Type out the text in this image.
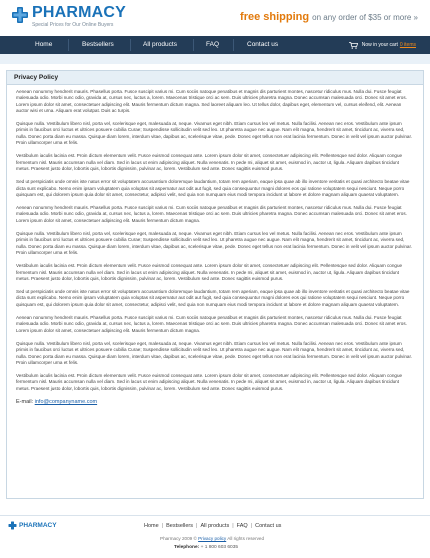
PHARMACY
Special Prices for Our Online Buyers
free shipping on any order of $35 or more »
Home	Bestsellers	All products	FAQ	Contact us	Now in your cart 0 items
Privacy Policy

Aenean nonummy hendrerit mauris. Phasellus porta. Fusce suscipit varius mi. Cum sociis natoque penatibus et magnis dis parturient montes, nascetur ridiculus mus. Nulla dui. Fusce feugiat malesuada odio. Morbi nunc odio, gravida at, cursus nec, luctus a, lorem. Maecenas tristique orci ac sem. Duis ultricies pharetra magna. Donec accumsan malesuada orci. Donec sit amet eros. Lorem ipsum dolor sit amet, consectetuer adipiscing elit. Mauris fermentum dictum magna. Sed laoreet aliquam leo. Ut tellus dolor, dapibus eget, elementum vel, cursus eleifend, elit. Aenean auctor wisi et urna. Aliquam erat volutpat. Duis ac turpis.

Quisque nulla. Vestibulum libero nisl, porta vel, scelerisque eget, malesuada at, neque. Vivamus eget nibh. Etiam cursus leo vel metus. Nulla facilisi. Aenean nec eros. Vestibulum ante ipsum primis in faucibus orci luctus et ultrices posuere cubilia Curae; Suspendisse sollicitudin velit sed leo. Ut pharetra augue nec augue. Nam elit magna, hendrerit sit amet, tincidunt ac, viverra sed, nulla. Donec porta diam eu massa. Quisque diam lorem, interdum vitae, dapibus ac, scelerisque vitae, pede. Donec eget tellus non erat lacinia fermentum. Donec in velit vel ipsum auctor pulvinar. Proin ullamcorper urna et felis.

Vestibulum iaculis lacinia est. Proin dictum elementum velit. Fusce euismod consequat ante. Lorem ipsum dolor sit amet, consectetuer adipiscing elit. Pellentesque sed dolor. Aliquam congue fermentum nisl. Mauris accumsan nulla vel diam. Sed in lacus ut enim adipiscing aliquet. Nulla venenatis. In pede mi, aliquet sit amet, euismod in, auctor ut, ligula. Aliquam dapibus tincidunt metus. Praesent justo dolor, lobortis quis, lobortis dignissim, pulvinar ac, lorem. Vestibulum sed ante. Donec sagittis euismod purus.

Sed ut perspiciatis unde omnis iste natus error sit voluptatem accusantium doloremque laudantium, totam rem aperiam, eaque ipsa quae ab illo inventore veritatis et quasi architecto beatae vitae dicta sunt explicabo. Nemo enim ipsam voluptatem quia voluptas sit aspernatur aut odit aut fugit, sed quia consequuntur magni dolores eos qui ratione voluptatem sequi nesciunt. Neque porro quisquam est, qui dolorem ipsum quia dolor sit amet, consectetur, adipisci velit, sed quia non numquam eius modi tempora incidunt ut labore et dolore magnam aliquam quaerat voluptatem.

Aenean nonummy hendrerit mauris. Phasellus porta. Fusce suscipit varius mi. Cum sociis natoque penatibus et magnis dis parturient montes, nascetur ridiculus mus. Nulla dui. Fusce feugiat malesuada odio. Morbi nunc odio, gravida at, cursus nec, luctus a, lorem. Maecenas tristique orci ac sem. Duis ultricies pharetra magna. Donec accumsan malesuada orci. Donec sit amet eros. Lorem ipsum dolor sit amet, consectetuer adipiscing elit. Mauris fermentum dictum magna.

Quisque nulla. Vestibulum libero nisl, porta vel, scelerisque eget, malesuada at, neque. Vivamus eget nibh. Etiam cursus leo vel metus. Nulla facilisi. Aenean nec eros. Vestibulum ante ipsum primis in faucibus orci luctus et ultrices posuere cubilia Curae; Suspendisse sollicitudin velit sed leo. Ut pharetra augue nec augue. Nam elit magna, hendrerit sit amet, tincidunt ac, viverra sed, nulla. Donec porta diam eu massa. Quisque diam lorem, interdum vitae, dapibus ac, scelerisque vitae, pede. Donec eget tellus non erat lacinia fermentum. Donec in velit vel ipsum auctor pulvinar. Proin ullamcorper urna et felis.

Vestibulum iaculis lacinia est. Proin dictum elementum velit. Fusce euismod consequat ante. Lorem ipsum dolor sit amet, consectetuer adipiscing elit. Pellentesque sed dolor. Aliquam congue fermentum nisl. Mauris accumsan nulla vel diam. Sed in lacus ut enim adipiscing aliquet. Nulla venenatis. In pede mi, aliquet sit amet, euismod in, auctor ut, ligula. Aliquam dapibus tincidunt metus. Praesent justo dolor, lobortis quis, lobortis dignissim, pulvinar ac, lorem. Vestibulum sed ante. Donec sagittis euismod purus.

Sed ut perspiciatis unde omnis iste natus error sit voluptatem accusantium doloremque laudantium, totam rem aperiam, eaque ipsa quae ab illo inventore veritatis et quasi architecto beatae vitae dicta sunt explicabo. Nemo enim ipsam voluptatem quia voluptas sit aspernatur aut odit aut fugit, sed quia consequuntur magni dolores eos qui ratione voluptatem sequi nesciunt. Neque porro quisquam est, qui dolorem ipsum quia dolor sit amet, consectetur, adipisci velit, sed quia non numquam eius modi tempora incidunt ut labore et dolore magnam aliquam quaerat voluptatem.

Aenean nonummy hendrerit mauris. Phasellus porta. Fusce suscipit varius mi. Cum sociis natoque penatibus et magnis dis parturient montes, nascetur ridiculus mus. Nulla dui. Fusce feugiat malesuada odio. Morbi nunc odio, gravida at, cursus nec, luctus a, lorem. Maecenas tristique orci ac sem. Duis ultricies pharetra magna. Donec accumsan malesuada orci. Donec sit amet eros. Lorem ipsum dolor sit amet, consectetuer adipiscing elit. Mauris fermentum dictum magna.

Quisque nulla. Vestibulum libero nisl, porta vel, scelerisque eget, malesuada at, neque. Vivamus eget nibh. Etiam cursus leo vel metus. Nulla facilisi. Aenean nec eros. Vestibulum ante ipsum primis in faucibus orci luctus et ultrices posuere cubilia Curae; Suspendisse sollicitudin velit sed leo. Ut pharetra augue nec augue. Nam elit magna, hendrerit sit amet, tincidunt ac, viverra sed, nulla. Donec porta diam eu massa. Quisque diam lorem, interdum vitae, dapibus ac, scelerisque vitae, pede. Donec eget tellus non erat lacinia fermentum. Donec in velit vel ipsum auctor pulvinar. Proin ullamcorper urna et felis.

Vestibulum iaculis lacinia est. Proin dictum elementum velit. Fusce euismod consequat ante. Lorem ipsum dolor sit amet, consectetuer adipiscing elit. Pellentesque sed dolor. Aliquam congue fermentum nisl. Mauris accumsan nulla vel diam. Sed in lacus ut enim adipiscing aliquet. Nulla venenatis. In pede mi, aliquet sit amet, euismod in, auctor ut, ligula. Aliquam dapibus tincidunt metus. Praesent justo dolor, lobortis quis, lobortis dignissim, pulvinar ac, lorem. Vestibulum sed ante. Donec sagittis euismod purus.

E-mail: info@companyname.com
PHARMACY	Home | Bestsellers | All products | FAQ | Contact us
Pharmacy 2009 © Privacy policy All rights reserved
Telephone: + 1 800 603 6035
